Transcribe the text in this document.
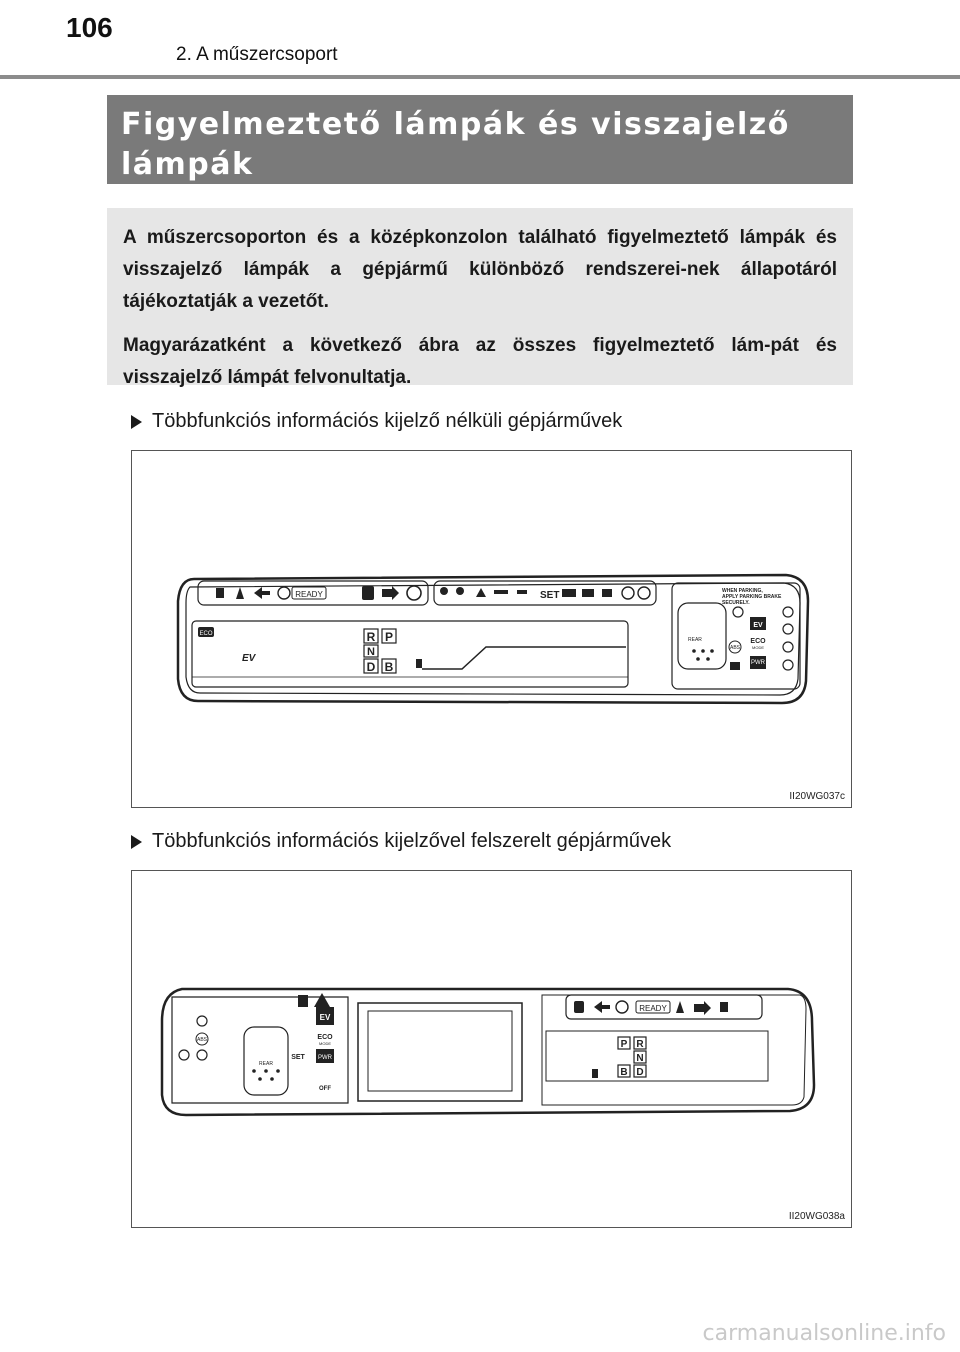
106
2. A műszercsoport
Figyelmeztető lámpák és visszajelző
lámpák

A műszercsoporton és a középkonzolon található figyelmeztető lámpák és visszajelző lámpák a gépjármű különböző rendszerei-nek állapotáról tájékoztatják a vezetőt.

Magyarázatként a következő ábra az összes figyelmeztető lám-pát és visszajelző lámpát felvonultatja.

Többfunkciós információs kijelző nélküli gépjárművek
READY	SET
ECO
EV
R P
N
D B
WHEN PARKING,
APPLY PARKING BRAKE
SECURELY.
REAR
ABS
EV
ECO
MODE
PWR
II20WG037c
Többfunkciós információs kijelzővel felszerelt gépjárművek
REAR
ABS
EV
ECO
MODE
PWR
SET
OFF
READY
P R
N
B D
II20WG038a
carmanualsonline.info
